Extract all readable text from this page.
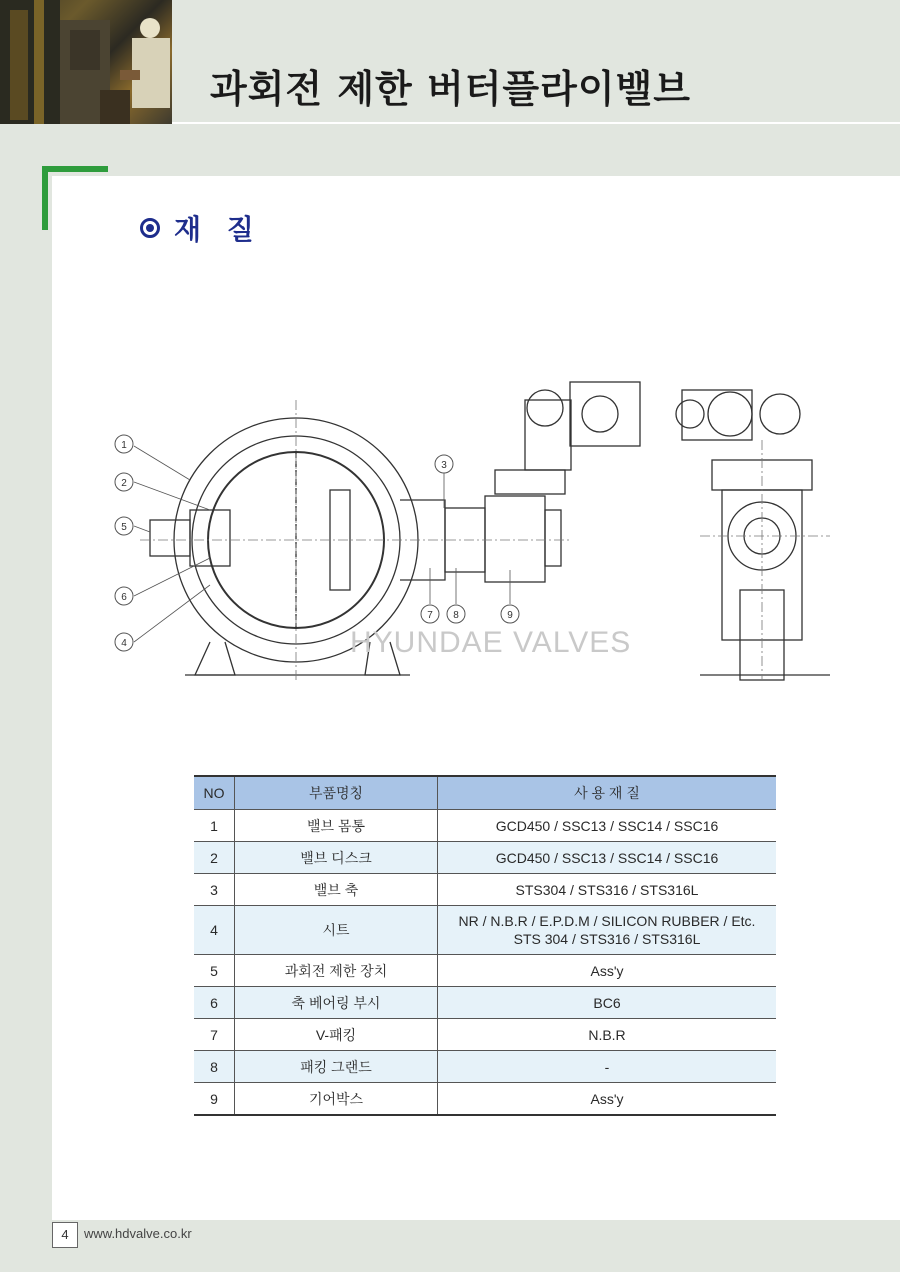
과회전 제한 버터플라이밸브
재 질
1
2
3
4
5
6
7 8	9
HYUNDAE VALVES
NO	부품명칭	사 용 재 질
1	밸브 몸통	GCD450 / SSC13 / SSC14 / SSC16
2	밸브 디스크	GCD450 / SSC13 / SSC14 / SSC16
3	밸브 축	STS304 / STS316 / STS316L
4	시트	NR / N.B.R / E.P.D.M / SILICON RUBBER / Etc.
STS 304 / STS316 / STS316L

5	과회전 제한 장치	Ass'y
6	축 베어링 부시	BC6
7	V-패킹	N.B.R
8	패킹 그랜드	-
9	기어박스	Ass'y
4	www.hdvalve.co.kr
